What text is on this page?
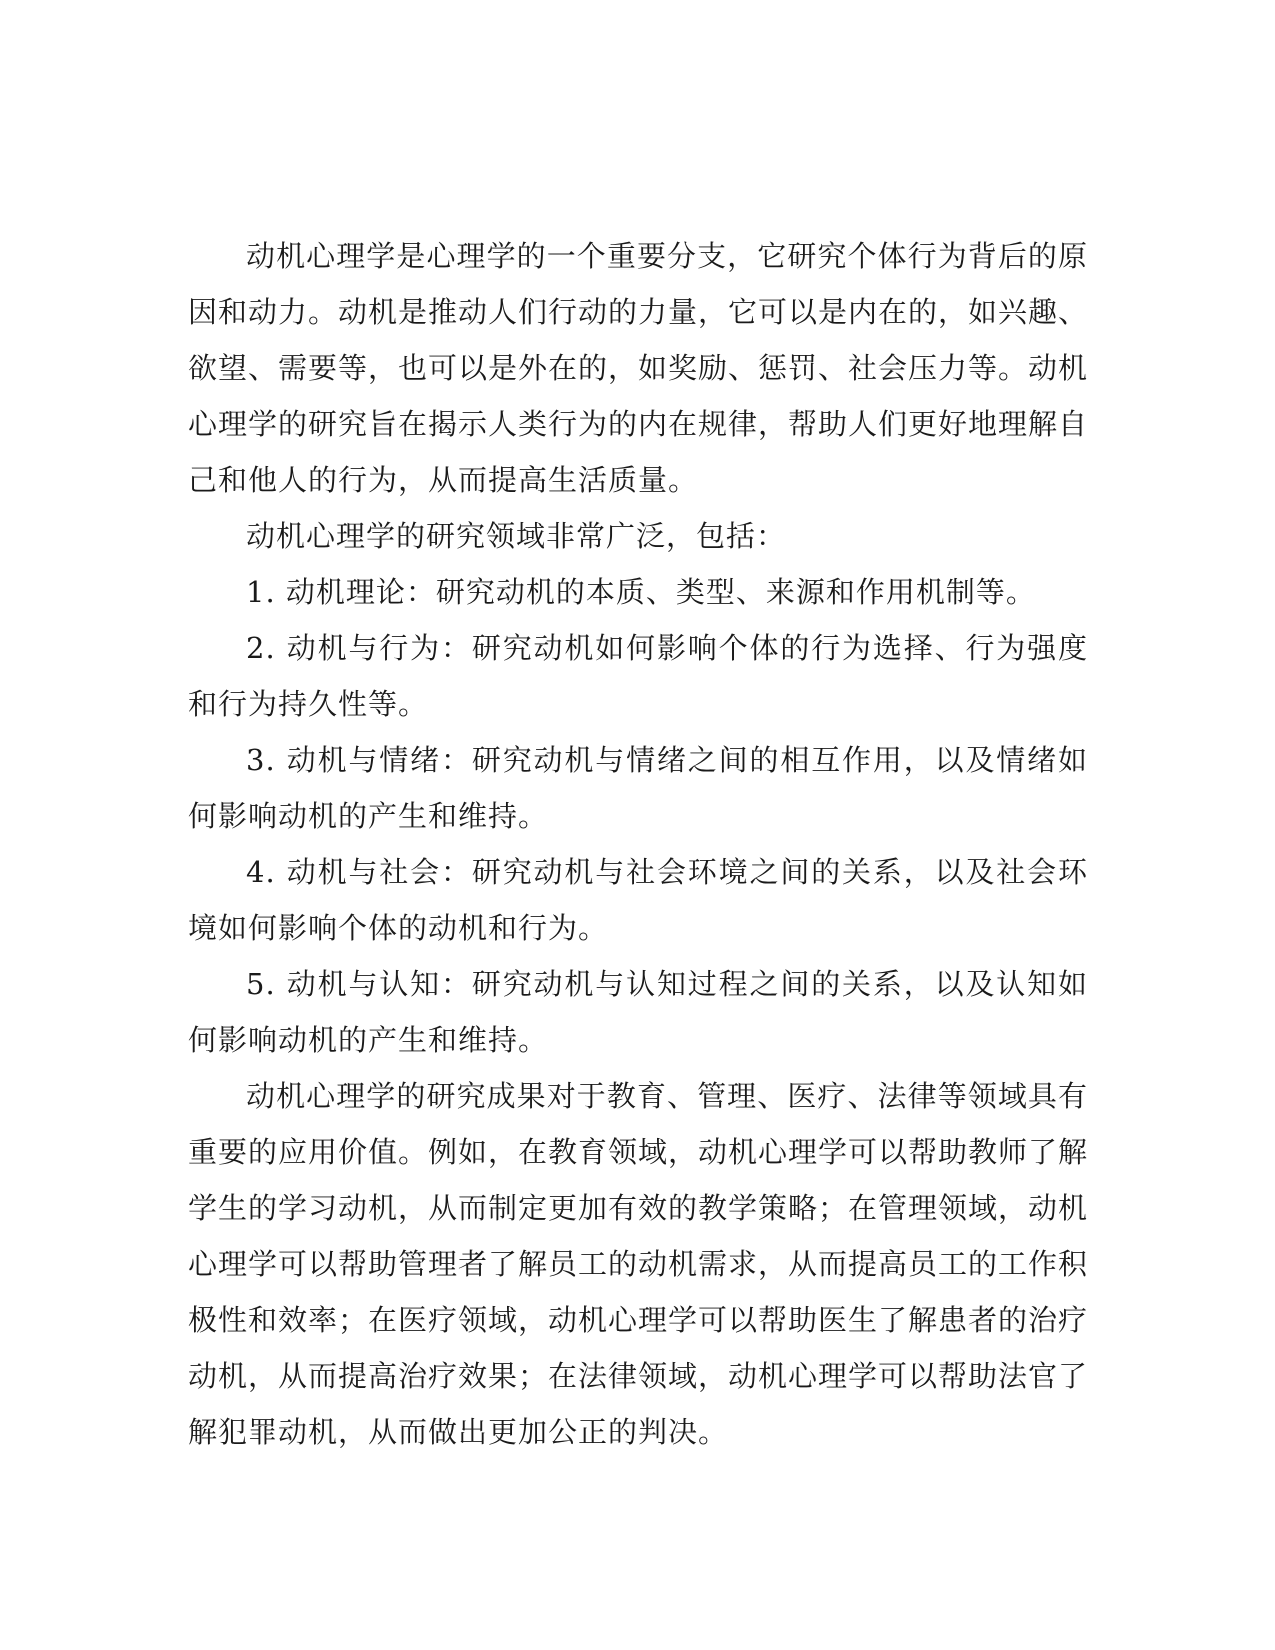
动机心理学是心理学的一个重要分支，它研究个体行为背后的原因和动力。动机是推动人们行动的力量，它可以是内在的，如兴趣、欲望、需要等，也可以是外在的，如奖励、惩罚、社会压力等。动机心理学的研究旨在揭示人类行为的内在规律，帮助人们更好地理解自己和他人的行为，从而提高生活质量。

动机心理学的研究领域非常广泛，包括：

1. 动机理论：研究动机的本质、类型、来源和作用机制等。

2. 动机与行为：研究动机如何影响个体的行为选择、行为强度和行为持久性等。

3. 动机与情绪：研究动机与情绪之间的相互作用，以及情绪如何影响动机的产生和维持。

4. 动机与社会：研究动机与社会环境之间的关系，以及社会环境如何影响个体的动机和行为。

5. 动机与认知：研究动机与认知过程之间的关系，以及认知如何影响动机的产生和维持。

动机心理学的研究成果对于教育、管理、医疗、法律等领域具有重要的应用价值。例如，在教育领域，动机心理学可以帮助教师了解学生的学习动机，从而制定更加有效的教学策略；在管理领域，动机心理学可以帮助管理者了解员工的动机需求，从而提高员工的工作积极性和效率；在医疗领域，动机心理学可以帮助医生了解患者的治疗动机，从而提高治疗效果；在法律领域，动机心理学可以帮助法官了解犯罪动机，从而做出更加公正的判决。
